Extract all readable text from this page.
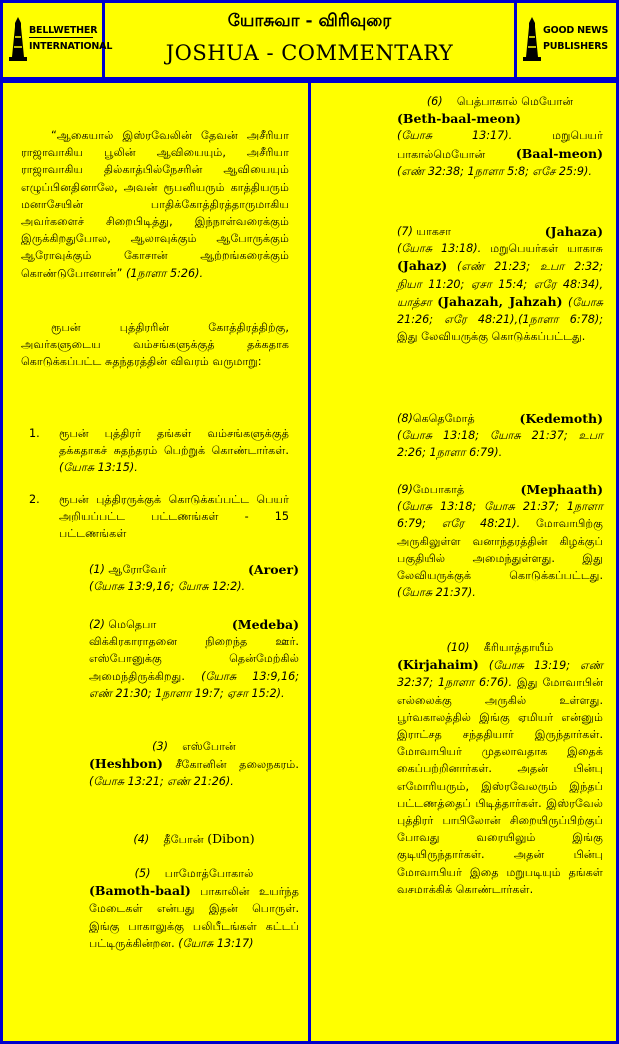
BELLWETHER
INTERNATIONAL
யோசுவா - விரிவுரை
JOSHUA - COMMENTARY
GOOD NEWS
PUBLISHERS
“ஆகையால் இஸ்ரவேலின் தேவன் அசீரியா ராஜாவாகிய பூலின் ஆவியையும், அசீரியா ராஜாவாகிய தில்காத்பில்நேசரின் ஆவியையும் எழுப்பினதினாலே, அவன் ரூபனியரும் காத்தியரும் மனாசேயின் பாதிக்கோத்திரத்தாருமாகிய அவர்களைச் சிறைபிடித்து, இந்நாள்வரைக்கும் இருக்கிறதுபோல, ஆலாவுக்கும் ஆபோருக்கும் ஆரோவுக்கும் கோசான் ஆற்றங்கரைக்கும் கொண்டுபோனான்” (1நாளா 5:26).
ரூபன் புத்திரரின் கோத்திரத்திற்கு, அவர்களுடைய வம்சங்களுக்குத் தக்கதாக கொடுக்கப்பட்ட சுதந்தரத்தின் விவரம் வருமாறு:
1. ரூபன் புத்திரர் தங்கள் வம்சங்களுக்குத் தக்கதாகச் சுதந்தரம் பெற்றுக் கொண்டார்கள். (யோசு 13:15).
2. ரூபன் புத்திரருக்குக் கொடுக்கப்பட்ட பெயர் அறியப்பட்ட பட்டணங்கள் - 15 பட்டணங்கள்
(1) ஆரோவேர்	(Aroer)
(யோசு 13:9,16; யோசு 12:2).
(2) மெதெபா	(Medeba)
விக்கிரகாராதனை நிறைந்த ஊர். எஸ்போனுக்கு தென்மேற்கில் அமைந்திருக்கிறது. (யோசு 13:9,16; எண் 21:30; 1நாளா 19:7; ஏசா 15:2).
(3) எஸ்போன்
(Heshbon) சீகோனின் தலைநகரம். (யோசு 13:21; எண் 21:26).
(4) தீபோன் (Dibon)
(5) பாமோத்போகால்
(Bamoth-baal) பாகாலின் உயர்ந்த மேடைகள் என்பது இதன் பொருள். இங்கு பாகாலுக்கு பலிபீடங்கள் கட்டப் பட்டிருக்கின்றன. (யோசு 13:17)
(6) பெத்பாகால் மெயோன்
(Beth-baal-meon)
(யோசு 13:17).	மறுபெயர் பாகால்மெயோன் (Baal-meon) (எண் 32:38; 1நாளா 5:8; எசே 25:9).
(7) யாகசா	(Jahaza)
(யோசு 13:18). மறுபெயர்கள் யாகாசு (Jahaz) (எண் 21:23; உபா 2:32; நியா 11:20; ஏசா 15:4; எரே 48:34), யாத்சா (Jahazah, Jahzah) (யோசு 21:26; எரே 48:21),(1நாளா 6:78); இது லேவியருக்கு கொடுக்கப்பட்டது.
(8)கெதெமோத்	(Kedemoth)
(யோசு 13:18; யோசு 21:37; உபா 2:26; 1நாளா 6:79).
(9)மேபாகாத்	(Mephaath)
(யோசு 13:18; யோசு 21:37; 1நாளா 6:79; எரே 48:21). மோவாபிற்கு அருகிலுள்ள வனாந்தரத்தின் கிழக்குப் பகுதியில் அமைந்துள்ளது. இது லேவியருக்குக் கொடுக்கப்பட்டது. (யோசு 21:37).
(10) கீரியாத்தாயீம்
(Kirjahaim) (யோசு 13:19; எண் 32:37; 1நாளா 6:76). இது மோவாபின் எல்லைக்கு அருகில் உள்ளது. பூர்வகாலத்தில் இங்கு ஏமியர் என்னும் இராட்சத சந்ததியார் இருந்தார்கள். மோவாபியர் முதலாவதாக இதைக் கைப்பற்றினார்கள். அதன் பின்பு எமோரியரும், இஸ்ரவேலரும் இந்தப் பட்டணத்தைப் பிடித்தார்கள். இஸ்ரவேல் புத்திரர் பாபிலோன் சிறையிருப்பிற்குப் போவது வரையிலும் இங்கு குடியிருந்தார்கள். அதன் பின்பு மோவாபியர் இதை மறுபடியும் தங்கள் வசமாக்கிக் கொண்டார்கள்.
